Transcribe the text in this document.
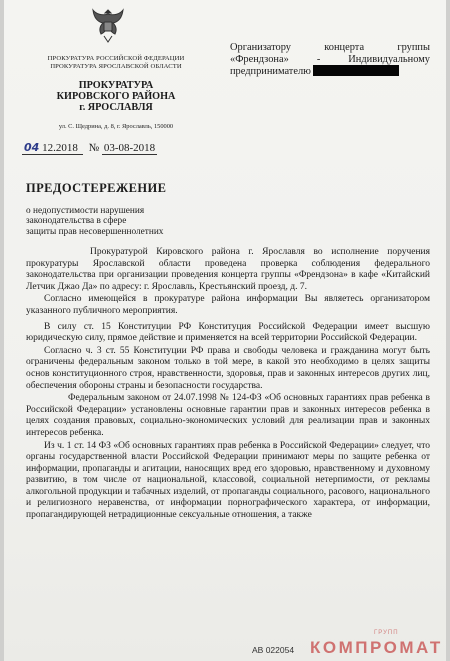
ПРОКУРАТУРА РОССИЙСКОЙ ФЕДЕРАЦИИ
ПРОКУРАТУРА ЯРОСЛАВСКОЙ ОБЛАСТИ
ПРОКУРАТУРА
КИРОВСКОГО РАЙОНА
г. ЯРОСЛАВЛЯ
ул. С. Щедрина, д. 8, г. Ярославль, 150000
04 12.2018 № 03-08-2018
Организатору	концерта	группы
«Френдзона»	-	Индивидуальному
предпринимателю
ПРЕДОСТЕРЕЖЕНИЕ
о недопустимости нарушения
законодательства в сфере
защиты прав несовершеннолетних

Прокуратурой Кировского района г. Ярославля во исполнение поручения прокуратуры Ярославской области проведена проверка соблюдения федерального законодательства при организации проведения концерта группы «Френдзона» в кафе «Китайский Летчик Джао Да» по адресу: г. Ярославль, Крестьянский проезд, д. 7.

Согласно имеющейся в прокуратуре района информации Вы являетесь организатором указанного публичного мероприятия.

В силу ст. 15 Конституции РФ Конституция Российской Федерации имеет высшую юридическую силу, прямое действие и применяется на всей территории Российской Федерации.

Согласно ч. 3 ст. 55 Конституции РФ права и свободы человека и гражданина могут быть ограничены федеральным законом только в той мере, в какой это необходимо в целях защиты основ конституционного строя, нравственности, здоровья, прав и законных интересов других лиц, обеспечения обороны страны и безопасности государства.

Федеральным законом от 24.07.1998 № 124-ФЗ «Об основных гарантиях прав ребенка в Российской Федерации» установлены основные гарантии прав и законных интересов ребенка в целях создания правовых, социально-экономических условий для реализации прав и законных интересов ребенка.

Из ч. 1 ст. 14 ФЗ «Об основных гарантиях прав ребенка в Российской Федерации» следует, что органы государственной власти Российской Федерации принимают меры по защите ребенка от информации, пропаганды и агитации, наносящих вред его здоровью, нравственному и духовному развитию, в том числе от национальной, классовой, социальной нетерпимости, от рекламы алкогольной продукции и табачных изделий, от пропаганды социального, расового, национального и религиозного неравенства, от информации порнографического характера, от информации, пропагандирующей нетрадиционные сексуальные отношения, а также

АВ 022054
ГРУПП
КОМПРОМАТ
